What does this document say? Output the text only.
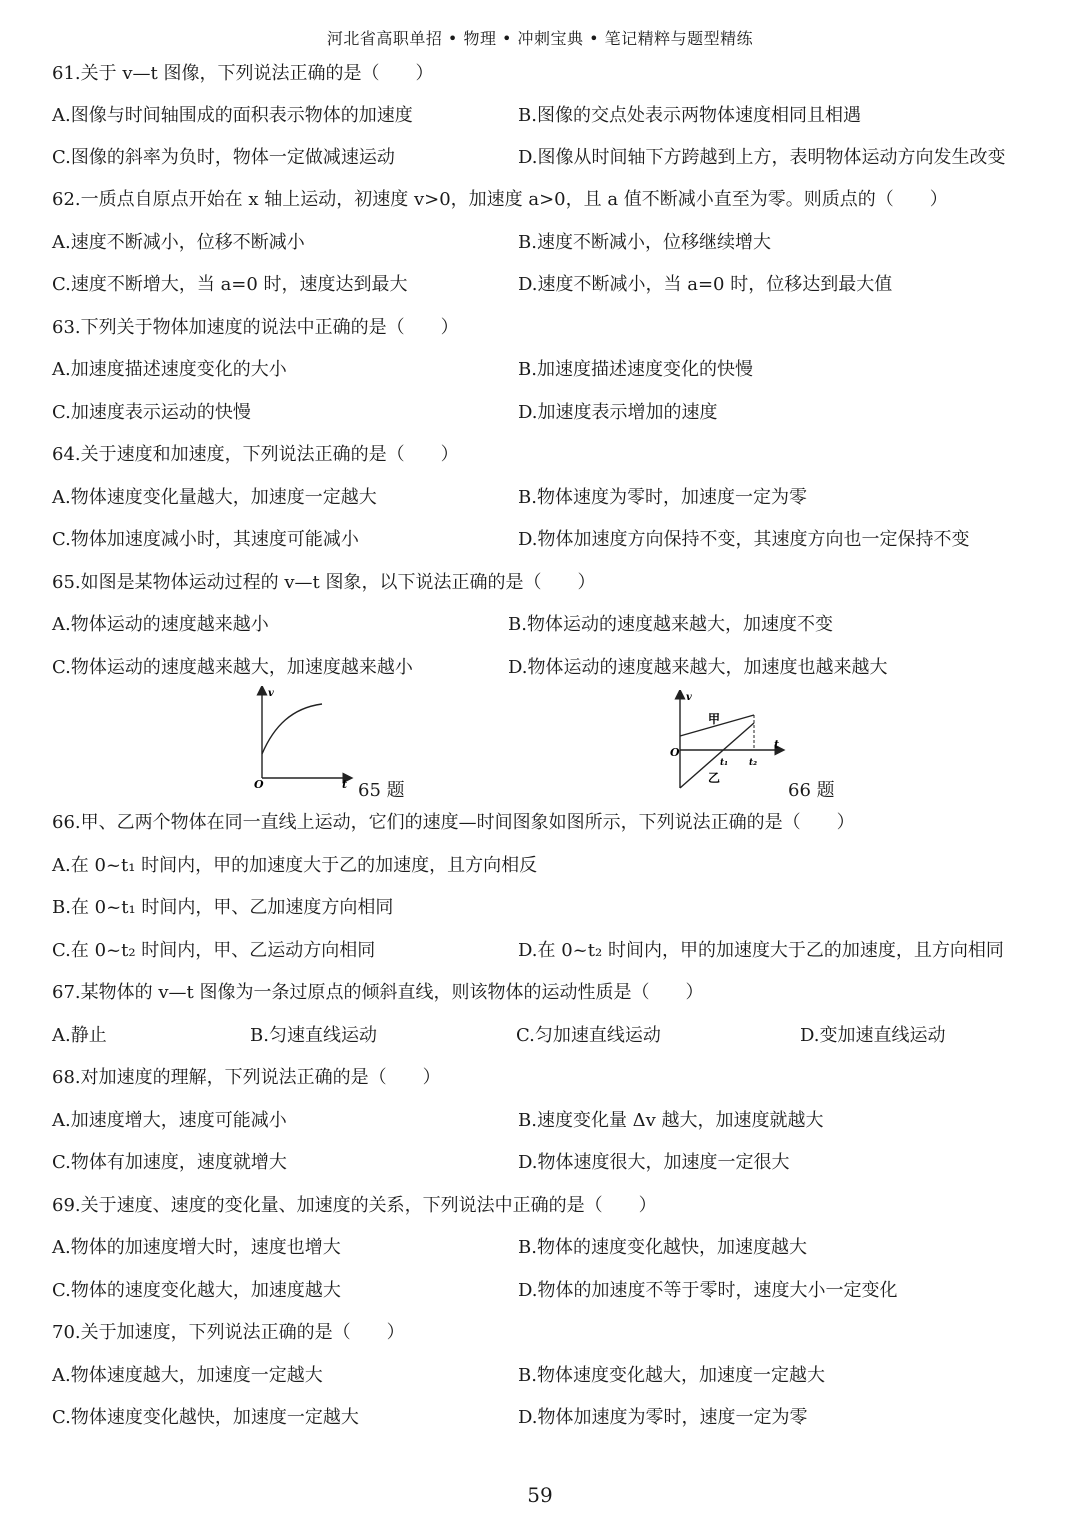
河北省高职单招 • 物理 • 冲刺宝典 • 笔记精粹与题型精练
61.关于 v—t 图像，下列说法正确的是（　　）
A.图像与时间轴围成的面积表示物体的加速度	B.图像的交点处表示两物体速度相同且相遇
C.图像的斜率为负时，物体一定做减速运动	D.图像从时间轴下方跨越到上方，表明物体运动方向发生改变
62.一质点自原点开始在 x 轴上运动，初速度 v>0，加速度 a>0，且 a 值不断减小直至为零。则质点的（　　）
A.速度不断减小，位移不断减小	B.速度不断减小，位移继续增大
C.速度不断增大，当 a=0 时，速度达到最大	D.速度不断减小，当 a=0 时，位移达到最大值
63.下列关于物体加速度的说法中正确的是（　　）
A.加速度描述速度变化的大小	B.加速度描述速度变化的快慢
C.加速度表示运动的快慢	D.加速度表示增加的速度
64.关于速度和加速度，下列说法正确的是（　　）
A.物体速度变化量越大，加速度一定越大	B.物体速度为零时，加速度一定为零
C.物体加速度减小时，其速度可能减小	D.物体加速度方向保持不变，其速度方向也一定保持不变
65.如图是某物体运动过程的 v—t 图象，以下说法正确的是（　　）
A.物体运动的速度越来越小	B.物体运动的速度越来越大，加速度不变
C.物体运动的速度越来越大，加速度越来越小	D.物体运动的速度越来越大，加速度也越来越大
v
O	t 65 题
v
O
t
甲
乙
t₁ t₂
66 题
66.甲、乙两个物体在同一直线上运动，它们的速度—时间图象如图所示，下列说法正确的是（　　）
A.在 0~t₁ 时间内，甲的加速度大于乙的加速度，且方向相反
B.在 0~t₁ 时间内，甲、乙加速度方向相同
C.在 0~t₂ 时间内，甲、乙运动方向相同	D.在 0~t₂ 时间内，甲的加速度大于乙的加速度，且方向相同
67.某物体的 v—t 图像为一条过原点的倾斜直线，则该物体的运动性质是（　　）
A.静止	B.匀速直线运动	C.匀加速直线运动	D.变加速直线运动
68.对加速度的理解，下列说法正确的是（　　）
A.加速度增大，速度可能减小	B.速度变化量 Δv 越大，加速度就越大
C.物体有加速度，速度就增大	D.物体速度很大，加速度一定很大
69.关于速度、速度的变化量、加速度的关系，下列说法中正确的是（　　）
A.物体的加速度增大时，速度也增大	B.物体的速度变化越快，加速度越大
C.物体的速度变化越大，加速度越大	D.物体的加速度不等于零时，速度大小一定变化
70.关于加速度，下列说法正确的是（　　）
A.物体速度越大，加速度一定越大	B.物体速度变化越大，加速度一定越大
C.物体速度变化越快，加速度一定越大	D.物体加速度为零时，速度一定为零
59
